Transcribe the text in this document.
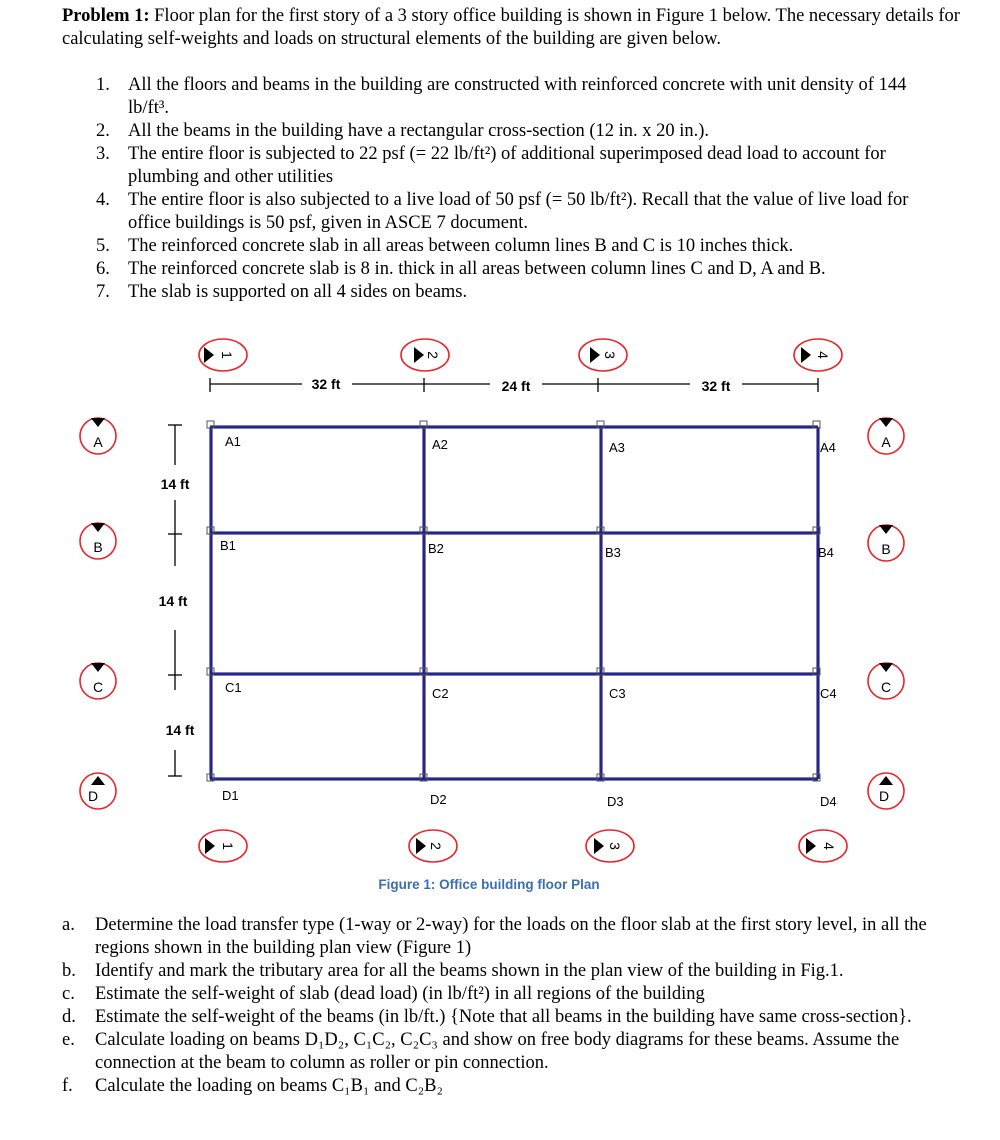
Problem 1: Floor plan for the first story of a 3 story office building is shown in Figure 1 below. The necessary details for calculating self-weights and loads on structural elements of the building are given below.
1. All the floors and beams in the building are constructed with reinforced concrete with unit density of 144 lb/ft³.
2. All the beams in the building have a rectangular cross-section (12 in. x 20 in.).
3. The entire floor is subjected to 22 psf (= 22 lb/ft²) of additional superimposed dead load to account for plumbing and other utilities
4. The entire floor is also subjected to a live load of 50 psf (= 50 lb/ft²). Recall that the value of live load for office buildings is 50 psf, given in ASCE 7 document.
5. The reinforced concrete slab in all areas between column lines B and C is 10 inches thick.
6. The reinforced concrete slab is 8 in. thick in all areas between column lines C and D, A and B.
7. The slab is supported on all 4 sides on beams.
32 ft	24 ft	32 ft
14 ft
14 ft
14 ft
A1	A2	A3	A4
B1	B2	B3	B4
C1	C2	C3	C4
D1	D2	D3	D4
1	2	3	4
1	2	3	4
A
B
C
D
A
B
C
D
Figure 1: Office building floor Plan
a.	Determine the load transfer type (1-way or 2-way) for the loads on the floor slab at the first story level, in all the regions shown in the building plan view (Figure 1)
b.	Identify and mark the tributary area for all the beams shown in the plan view of the building in Fig.1.
c.	Estimate the self-weight of slab (dead load) (in lb/ft²) in all regions of the building
d.	Estimate the self-weight of the beams (in lb/ft.) {Note that all beams in the building have same cross-section}.
e.	Calculate loading on beams D₁D₂, C₁C₂, C₂C₃ and show on free body diagrams for these beams. Assume the connection at the beam to column as roller or pin connection.
f.	Calculate the loading on beams C₁B₁ and C₂B₂
